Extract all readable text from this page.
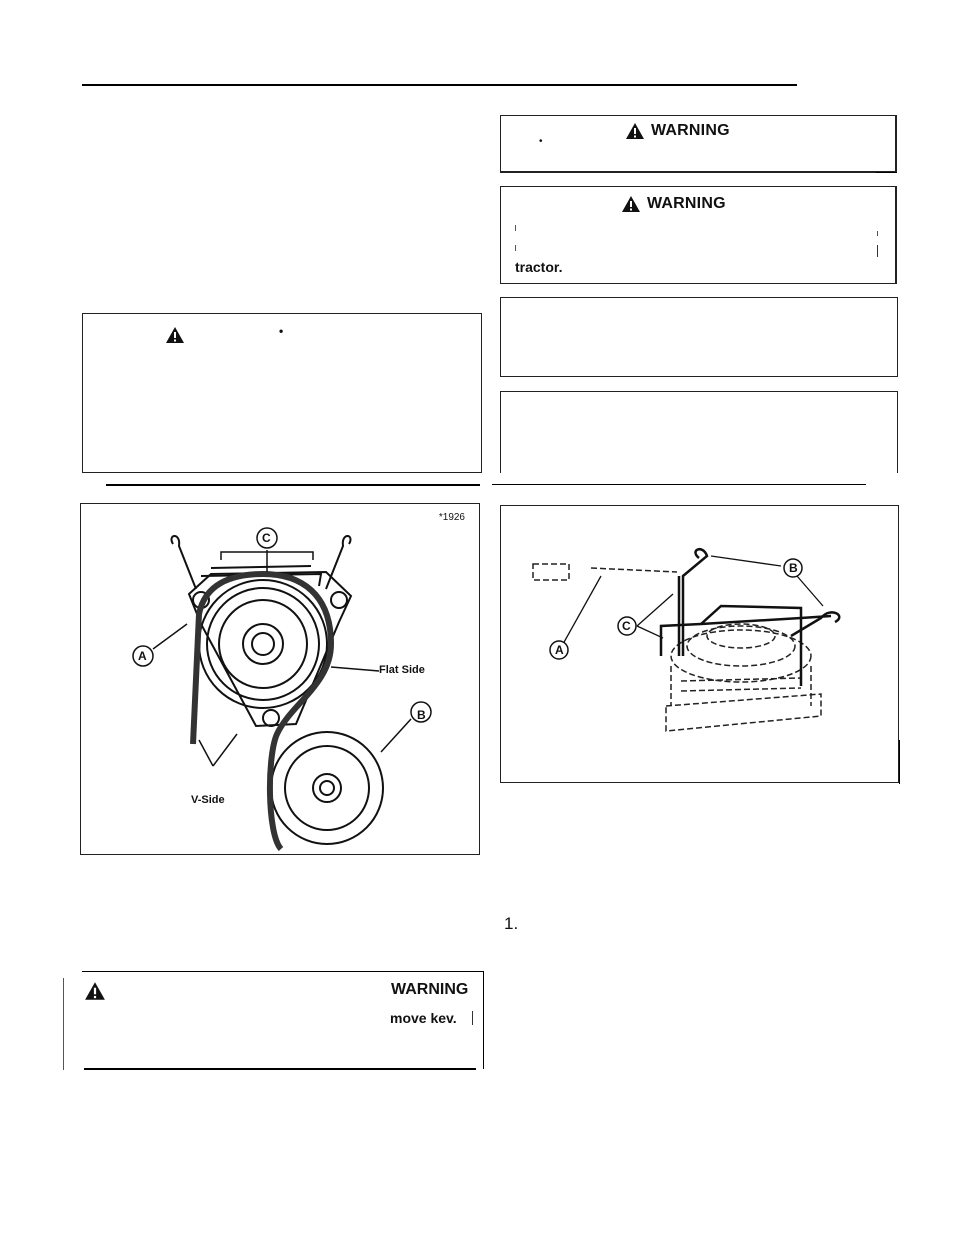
•
WARNING
WARNING
tractor.
•
*1926
A
B
C
Flat Side
V-Side
A
C
B
1.
WARNING
move kev.
